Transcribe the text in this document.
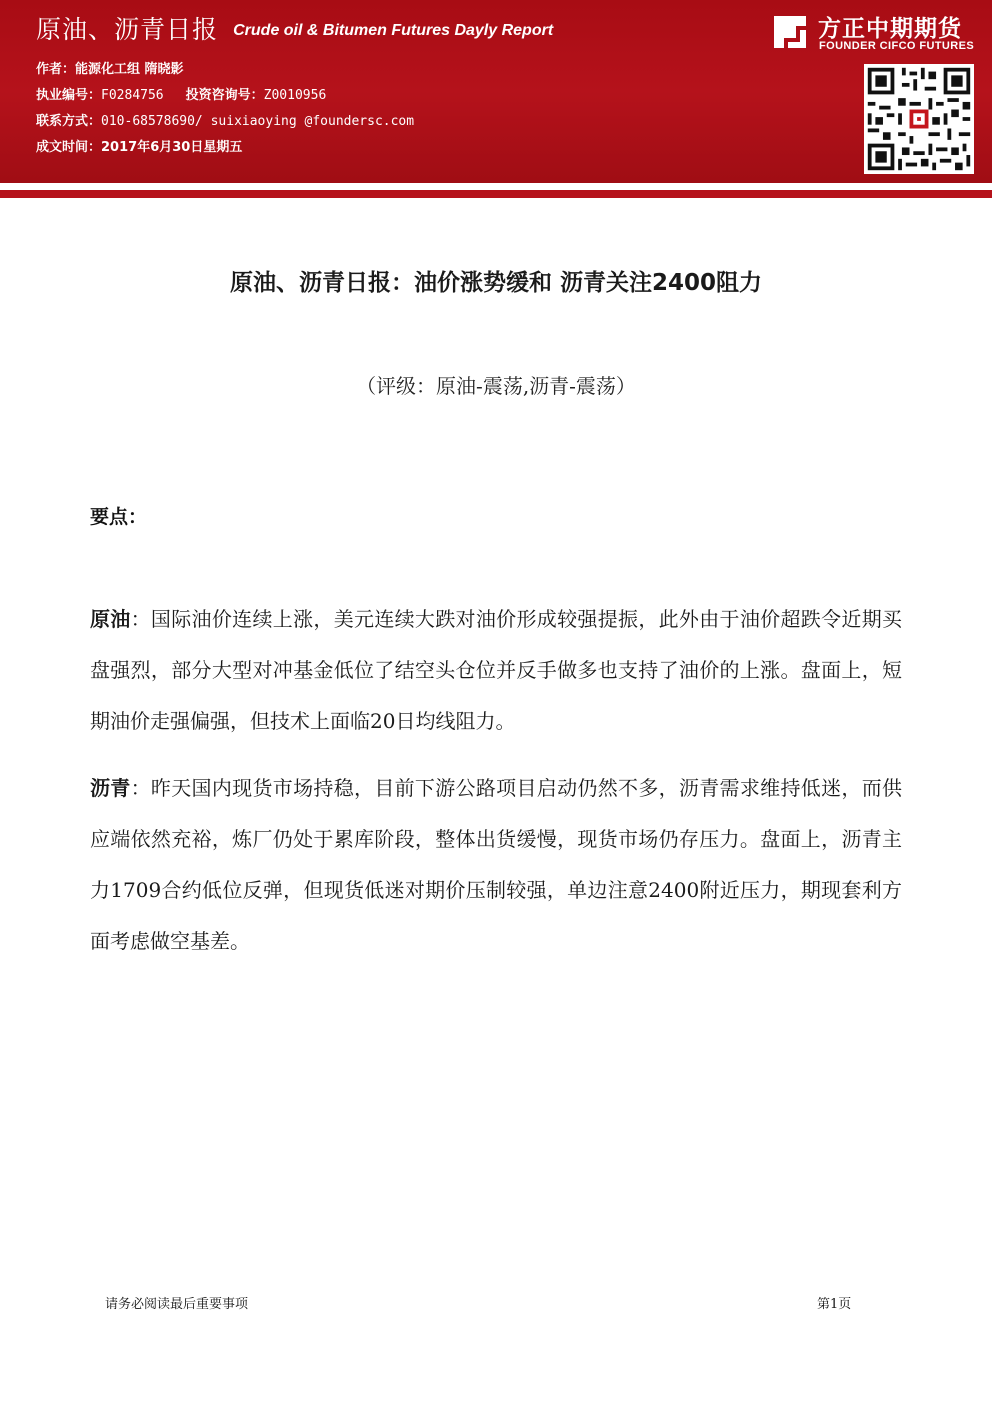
原油、沥青日报 Crude oil & Bitumen Futures Dayly Report
作者：能源化工组 隋晓影
执业编号：F0284756 投资咨询号：Z0010956
联系方式：010-68578690/ suixiaoying @foundersc.com
成文时间：2017年6月30日星期五
方正中期期货
FOUNDER CIFCO FUTURES
原油、沥青日报：油价涨势缓和 沥青关注2400阻力
（评级：原油-震荡,沥青-震荡）
要点：
原油：国际油价连续上涨，美元连续大跌对油价形成较强提振，此外由于油价超跌令近期买盘强烈，部分大型对冲基金低位了结空头仓位并反手做多也支持了油价的上涨。盘面上，短期油价走强偏强，但技术上面临20日均线阻力。
沥青：昨天国内现货市场持稳，目前下游公路项目启动仍然不多，沥青需求维持低迷，而供应端依然充裕，炼厂仍处于累库阶段，整体出货缓慢，现货市场仍存压力。盘面上，沥青主力1709合约低位反弹，但现货低迷对期价压制较强，单边注意2400附近压力，期现套利方面考虑做空基差。
请务必阅读最后重要事项	第1页
